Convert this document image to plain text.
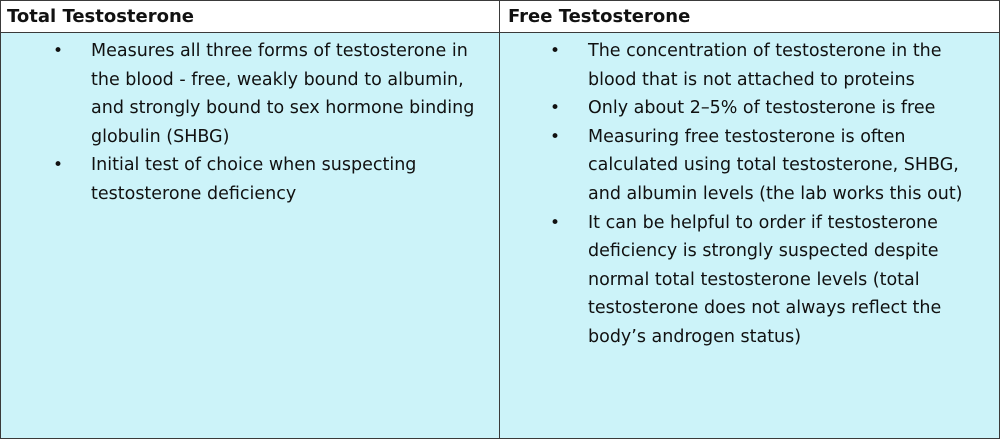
Total Testosterone	Free Testosterone
• Measures all three forms of testosterone in the blood - free, weakly bound to albumin, and strongly bound to sex hormone binding globulin (SHBG)
• Initial test of choice when suspecting testosterone deficiency
• The concentration of testosterone in the blood that is not attached to proteins
• Only about 2–5% of testosterone is free
• Measuring free testosterone is often calculated using total testosterone, SHBG, and albumin levels (the lab works this out)
• It can be helpful to order if testosterone deficiency is strongly suspected despite normal total testosterone levels (total testosterone does not always reflect the body’s androgen status)
